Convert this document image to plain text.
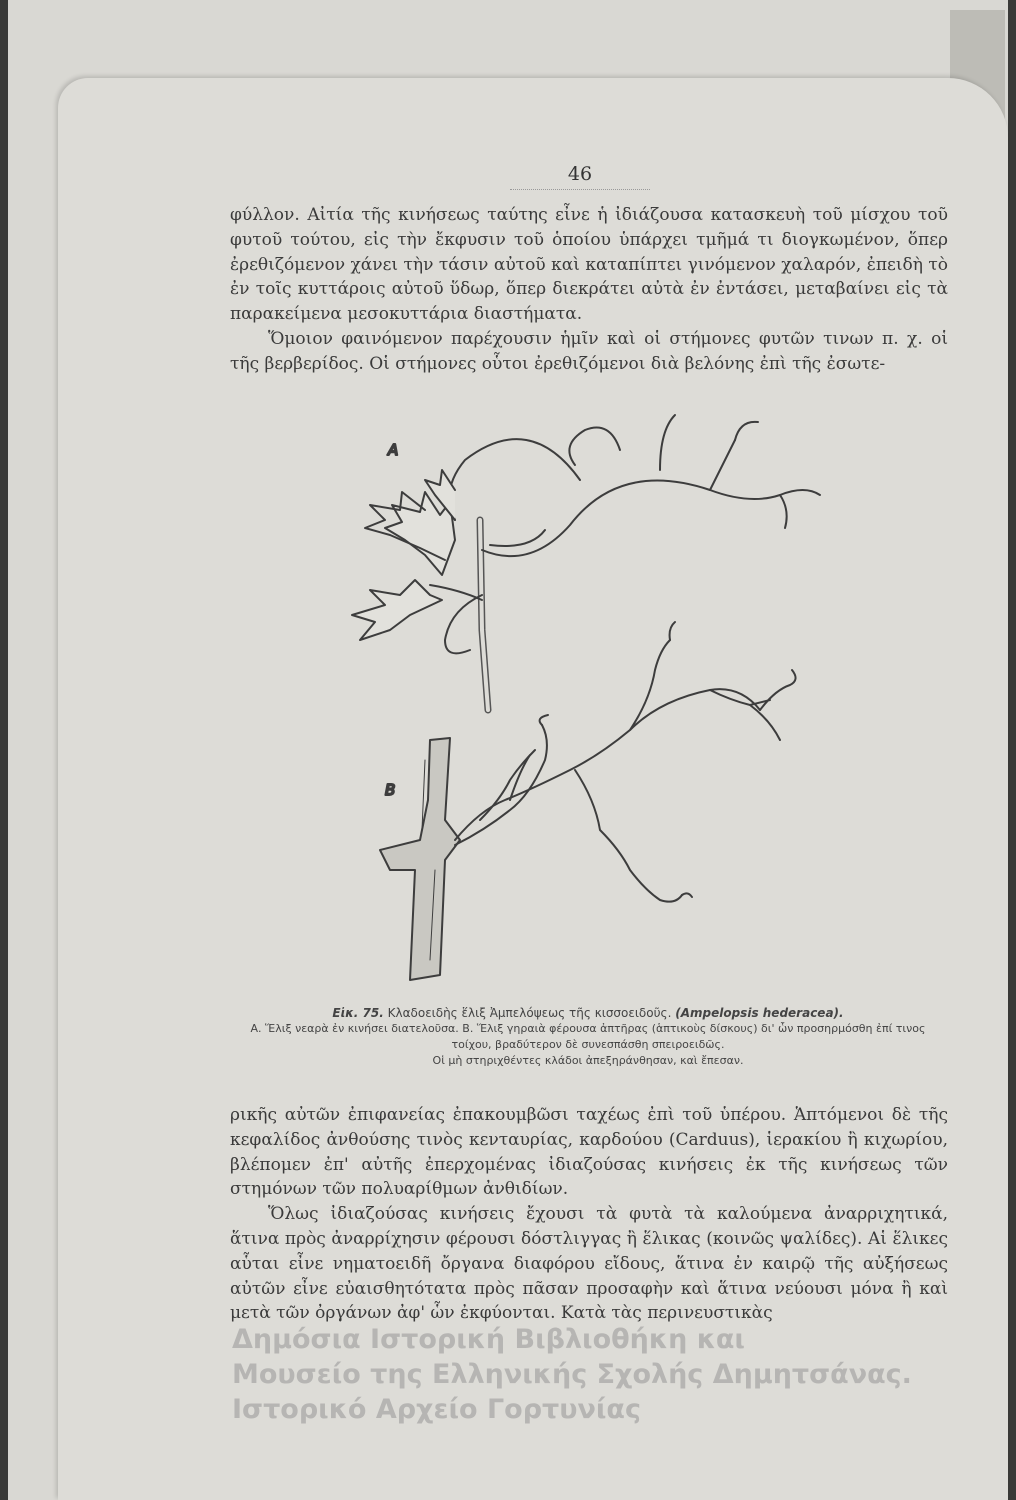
46

φύλλον. Αἰτία τῆς κινήσεως ταύτης εἶνε ἡ ἰδιάζουσα κατασκευὴ τοῦ μίσχου τοῦ φυτοῦ τούτου, εἰς τὴν ἔκφυσιν τοῦ ὁποίου ὑπάρχει τμῆμά τι διογκωμένον, ὅπερ ἐρεθιζόμενον χάνει τὴν τάσιν αὐτοῦ καὶ καταπίπτει γινόμενον χαλαρόν, ἐπειδὴ τὸ ἐν τοῖς κυττάροις αὐτοῦ ὕδωρ, ὅπερ διεκράτει αὐτὰ ἐν ἐντάσει, μεταβαίνει εἰς τὰ παρακείμενα μεσοκυττάρια διαστήματα.

Ὅμοιον φαινόμενον παρέχουσιν ἡμῖν καὶ οἱ στήμονες φυτῶν τινων π. χ. οἱ τῆς βερβερίδος. Οἱ στήμονες οὗτοι ἐρεθιζόμενοι διὰ βελόνης ἐπὶ τῆς ἐσωτε-

A
B
Εἰκ. 75. Κλαδοειδὴς ἕλιξ Ἀμπελόψεως τῆς κισσοειδοῦς. (Ampelopsis hederacea).
Α. Ἕλιξ νεαρὰ ἐν κινήσει διατελοῦσα. Β. Ἕλιξ γηραιὰ φέρουσα ἀπτῆρας (ἁπτικοὺς δίσκους) δι' ὧν προσηρμόσθη ἐπί τινος τοίχου, βραδύτερον δὲ συνεσπάσθη σπειροειδῶς.
Οἱ μὴ στηριχθέντες κλάδοι ἀπεξηράνθησαν, καὶ ἔπεσαν.

ρικῆς αὐτῶν ἐπιφανείας ἐπακουμβῶσι ταχέως ἐπὶ τοῦ ὑπέρου. Ἁπτόμενοι δὲ τῆς κεφαλίδος ἀνθούσης τινὸς κενταυρίας, καρδούου (Carduus), ἱερακίου ἢ κιχωρίου, βλέπομεν ἐπ' αὐτῆς ἐπερχομένας ἰδιαζούσας κινήσεις ἐκ τῆς κινήσεως τῶν στημόνων τῶν πολυαρίθμων ἀνθιδίων.

Ὅλως ἰδιαζούσας κινήσεις ἔχουσι τὰ φυτὰ τὰ καλούμενα ἀναρριχητικά, ἅτινα πρὸς ἀναρρίχησιν φέρουσι δόστλιγγας ἢ ἕλικας (κοινῶς ψαλίδες). Αἱ ἕλικες αὗται εἶνε νηματοειδῆ ὄργανα διαφόρου εἴδους, ἅτινα ἐν καιρῷ τῆς αὐξήσεως αὐτῶν εἶνε εὐαισθητότατα πρὸς πᾶσαν προσαφὴν καὶ ἅτινα νεύουσι μόνα ἢ καὶ μετὰ τῶν ὀργάνων ἀφ' ὧν ἐκφύονται. Κατὰ τὰς περινευστικὰς

Δημόσια Ιστορική Βιβλιοθήκη και
Μουσείο της Ελληνικής Σχολής Δημητσάνας.
Ιστορικό Αρχείο Γορτυνίας
